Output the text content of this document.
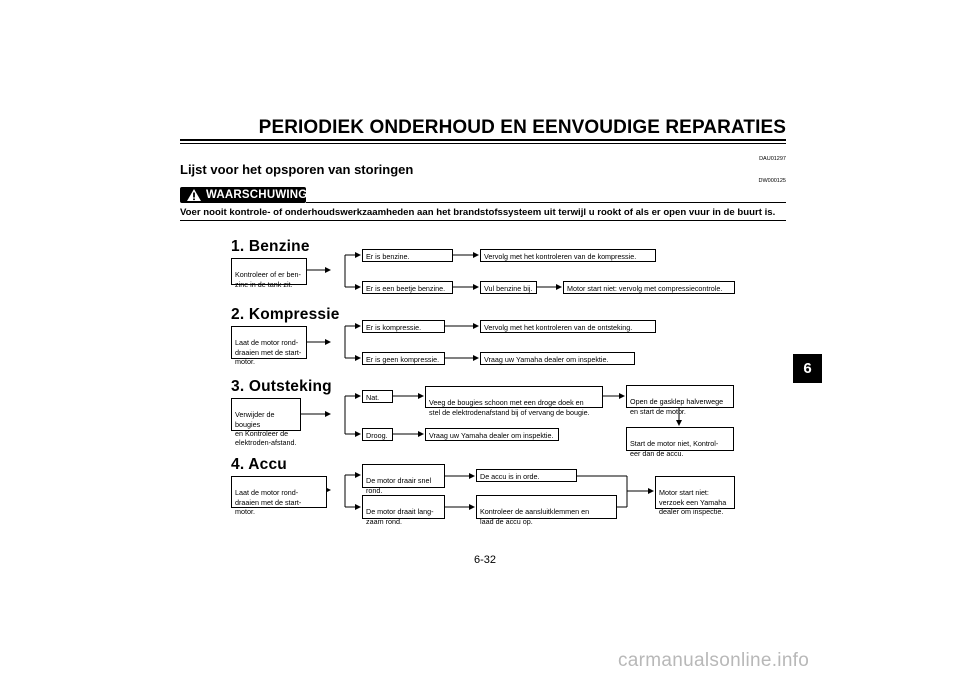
PERIODIEK ONDERHOUD EN EENVOUDIGE REPARATIES
DAU01297
Lijst voor het opsporen van storingen
DW000125
WAARSCHUWING
Voer nooit kontrole- of onderhoudswerkzaamheden aan het brandstofssysteem uit terwijl u rookt of als er open vuur in de buurt is.
6
1. Benzine

Kontroleer of er ben-
zine in de tank zit.

Er is benzine.	Vervolg met het kontroleren van de kompressie.
Er is een beetje benzine.	Vul benzine bij.	Motor start niet: vervolg met compressiecontrole.
2. Kompressie

Laat de motor rond-
draaien met de start-
motor.

Er is kompressie.	Vervolg met het kontroleren van de ontsteking.
Er is geen kompressie.	Vraag uw Yamaha dealer om inspektie.
3. Outsteking

Verwijder de bougies
en Kontroleer de
elektroden-afstand.

Nat.

Veeg de bougies schoon met een droge doek en
stel de elektrodenafstand bij of vervang de bougie.

Open de gasklep halverwege
en start de motor.

Start de motor niet, Kontrol-
eer dan de accu.

Droog.	Vraag uw Yamaha dealer om inspektie.
4. Accu

Laat de motor rond-
draaien met de start-
motor.

De motor draair snel
rond.

De accu is in orde.

De motor draait lang-
zaam rond.

Kontroleer de aansluitklemmen en
laad de accu op.

Motor start niet:
verzoek een Yamaha
dealer om inspectie.

6-32
carmanualsonline.info
